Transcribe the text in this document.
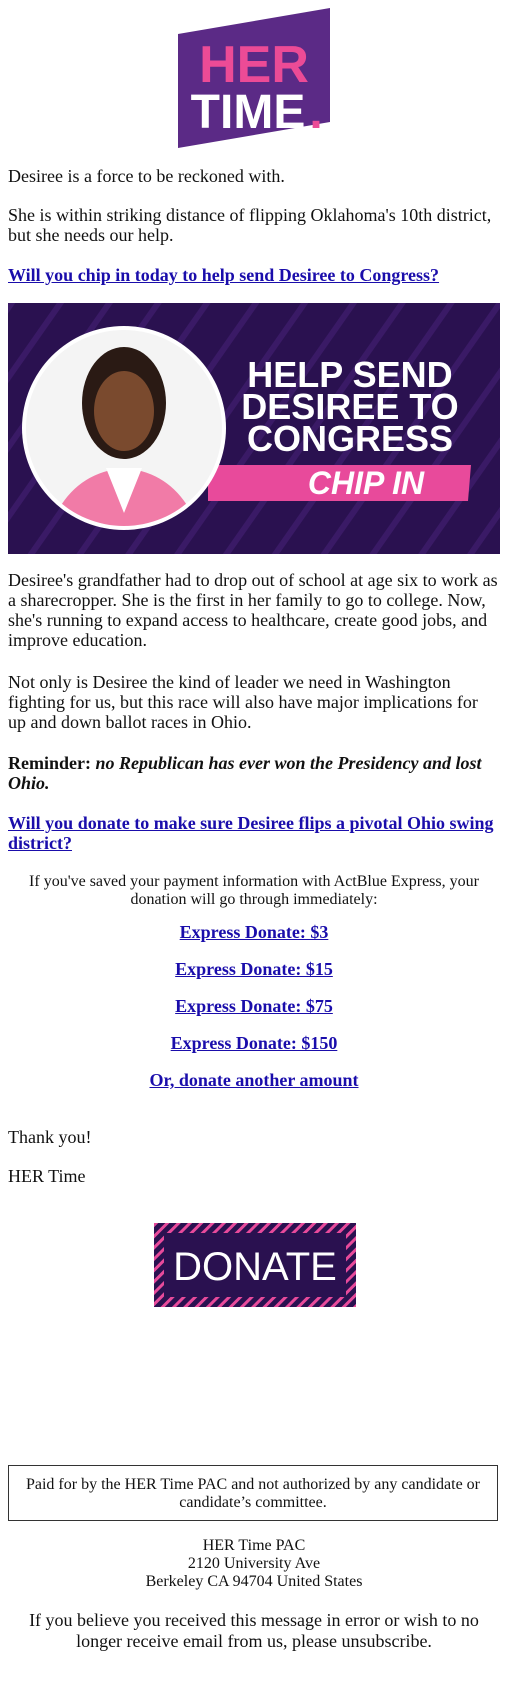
HER
TIME .

Desiree is a force to be reckoned with.

She is within striking distance of flipping Oklahoma's 10th district, but she needs our help.

Will you chip in today to help send Desiree to Congress?

HELP SEND
DESIREE TO
CONGRESS
CHIP IN

Desiree's grandfather had to drop out of school at age six to work as a sharecropper. She is the first in her family to go to college. Now, she's running to expand access to healthcare, create good jobs, and improve education.

Not only is Desiree the kind of leader we need in Washington fighting for us, but this race will also have major implications for up and down ballot races in Ohio.

Reminder: no Republican has ever won the Presidency and lost Ohio.

Will you donate to make sure Desiree flips a pivotal Ohio swing district?

If you've saved your payment information with ActBlue Express, your donation will go through immediately:
Express Donate: $3
Express Donate: $15
Express Donate: $75
Express Donate: $150
Or, donate another amount

Thank you!

HER Time

DONATE
Paid for by the HER Time PAC and not authorized by any candidate or candidate’s committee.
HER Time PAC
2120 University Ave
Berkeley CA 94704 United States
If you believe you received this message in error or wish to no longer receive email from us, please unsubscribe.
